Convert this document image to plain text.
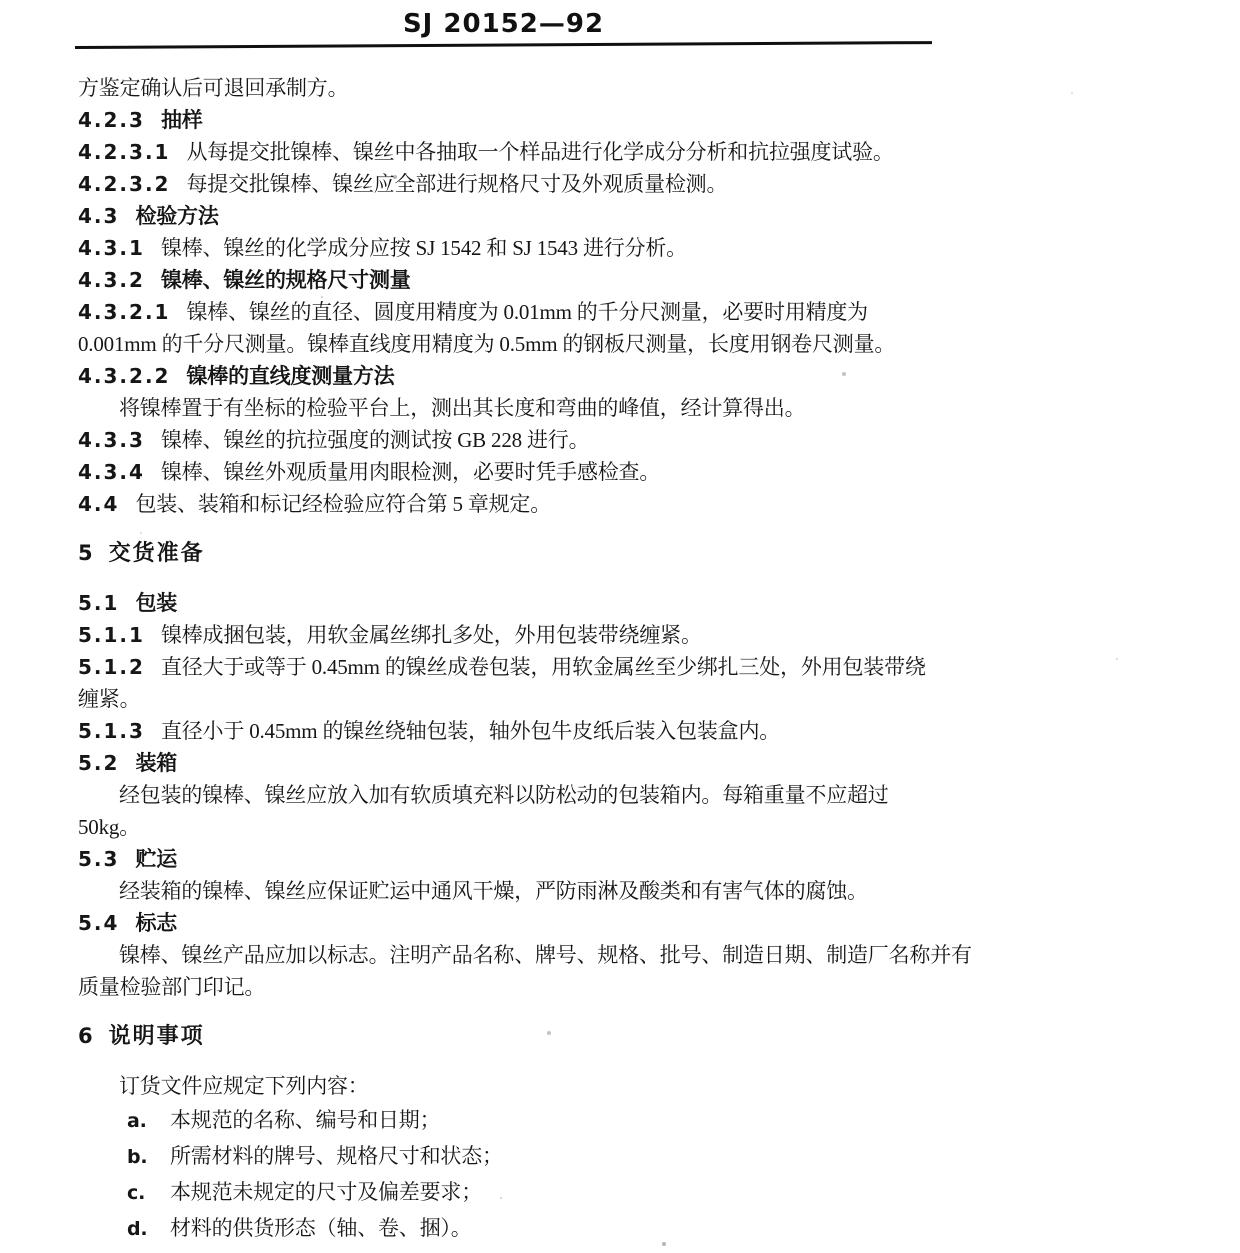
SJ 20152—92
方鉴定确认后可退回承制方。
4.2.3 抽样
4.2.3.1 从每提交批镍棒、镍丝中各抽取一个样品进行化学成分分析和抗拉强度试验。
4.2.3.2 每提交批镍棒、镍丝应全部进行规格尺寸及外观质量检测。
4.3 检验方法
4.3.1 镍棒、镍丝的化学成分应按 SJ 1542 和 SJ 1543 进行分析。
4.3.2 镍棒、镍丝的规格尺寸测量
4.3.2.1 镍棒、镍丝的直径、圆度用精度为 0.01mm 的千分尺测量，必要时用精度为
0.001mm 的千分尺测量。镍棒直线度用精度为 0.5mm 的钢板尺测量，长度用钢卷尺测量。
4.3.2.2 镍棒的直线度测量方法
将镍棒置于有坐标的检验平台上，测出其长度和弯曲的峰值，经计算得出。
4.3.3 镍棒、镍丝的抗拉强度的测试按 GB 228 进行。
4.3.4 镍棒、镍丝外观质量用肉眼检测，必要时凭手感检查。
4.4 包装、装箱和标记经检验应符合第 5 章规定。
5 交货准备
5.1 包装
5.1.1 镍棒成捆包装，用软金属丝绑扎多处，外用包装带绕缠紧。
5.1.2 直径大于或等于 0.45mm 的镍丝成卷包装，用软金属丝至少绑扎三处，外用包装带绕
缠紧。
5.1.3 直径小于 0.45mm 的镍丝绕轴包装，轴外包牛皮纸后装入包装盒内。
5.2 装箱
经包装的镍棒、镍丝应放入加有软质填充料以防松动的包装箱内。每箱重量不应超过
50kg。
5.3 贮运
经装箱的镍棒、镍丝应保证贮运中通风干燥，严防雨淋及酸类和有害气体的腐蚀。
5.4 标志
镍棒、镍丝产品应加以标志。注明产品名称、牌号、规格、批号、制造日期、制造厂名称并有
质量检验部门印记。
6 说明事项
订货文件应规定下列内容：
a. 本规范的名称、编号和日期；
b. 所需材料的牌号、规格尺寸和状态；
c. 本规范未规定的尺寸及偏差要求；
d. 材料的供货形态（轴、卷、捆）。
